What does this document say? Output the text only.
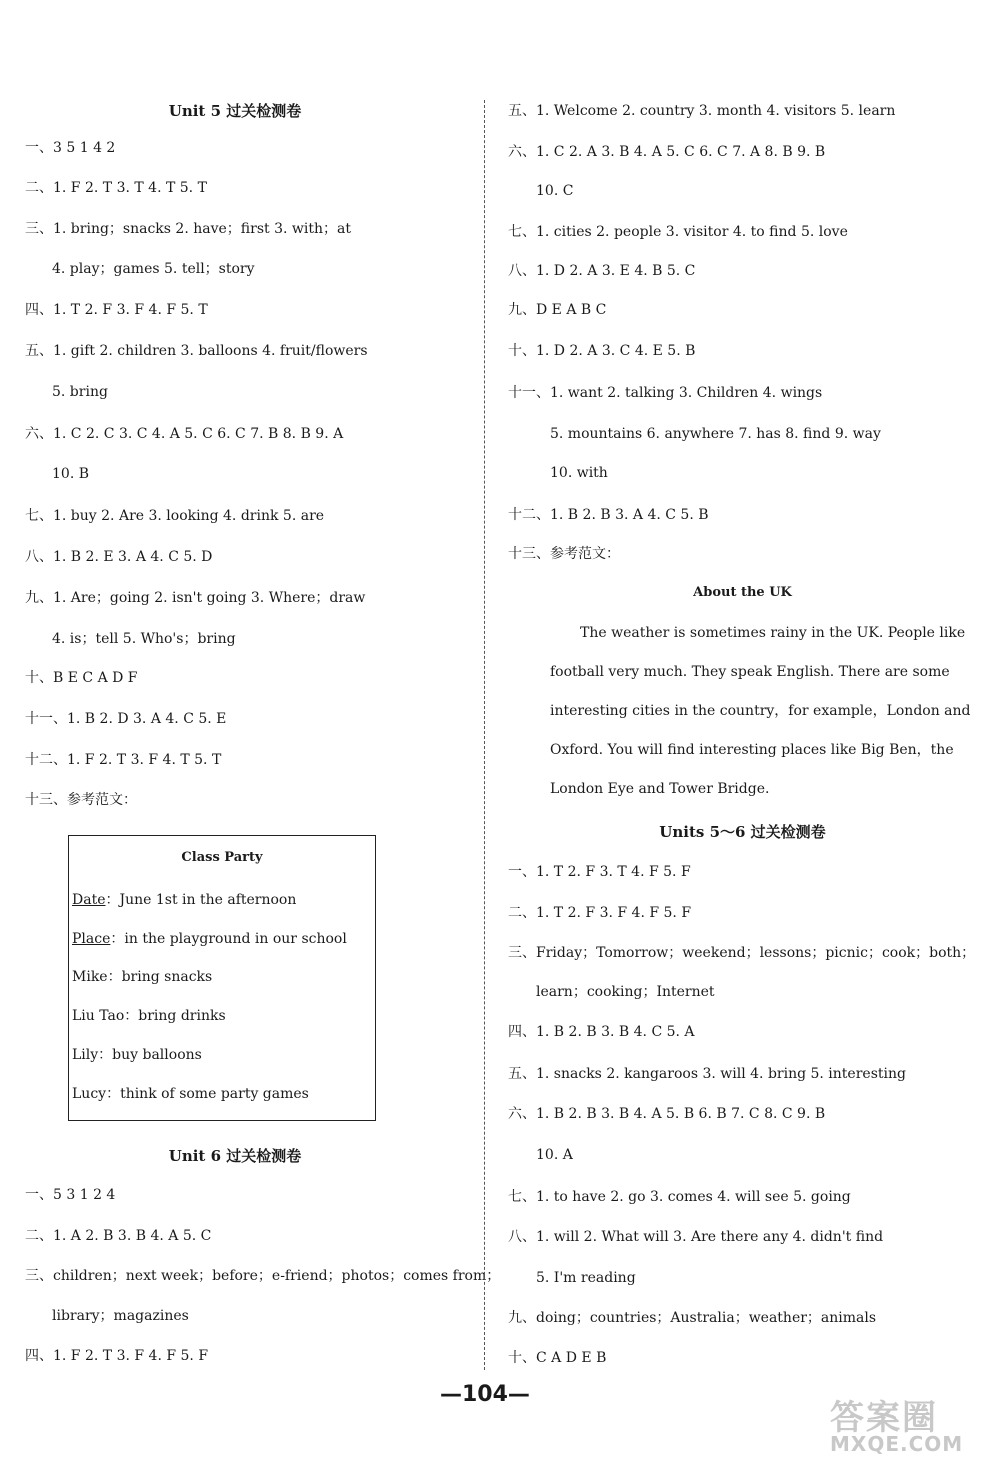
Unit 5 过关检测卷
一、3 5 1 4 2
二、1. F 2. T 3. T 4. T 5. T
三、1. bring；snacks 2. have；first 3. with；at
4. play；games 5. tell；story
四、1. T 2. F 3. F 4. F 5. T
五、1. gift 2. children 3. balloons 4. fruit/flowers
5. bring
六、1. C 2. C 3. C 4. A 5. C 6. C 7. B 8. B 9. A
10. B
七、1. buy 2. Are 3. looking 4. drink 5. are
八、1. B 2. E 3. A 4. C 5. D
九、1. Are；going 2. isn't going 3. Where；draw
4. is；tell 5. Who's；bring
十、B E C A D F
十一、1. B 2. D 3. A 4. C 5. E
十二、1. F 2. T 3. F 4. T 5. T
十三、参考范文：
Class Party
Date：June 1st in the afternoon
Place：in the playground in our school
Mike：bring snacks
Liu Tao：bring drinks
Lily：buy balloons
Lucy：think of some party games
Unit 6 过关检测卷
一、5 3 1 2 4
二、1. A 2. B 3. B 4. A 5. C
三、children；next week；before；e-friend；photos；comes from；
library；magazines
四、1. F 2. T 3. F 4. F 5. F
五、1. Welcome 2. country 3. month 4. visitors 5. learn
六、1. C 2. A 3. B 4. A 5. C 6. C 7. A 8. B 9. B
10. C
七、1. cities 2. people 3. visitor 4. to find 5. love
八、1. D 2. A 3. E 4. B 5. C
九、D E A B C
十、1. D 2. A 3. C 4. E 5. B
十一、1. want 2. talking 3. Children 4. wings
5. mountains 6. anywhere 7. has 8. find 9. way
10. with
十二、1. B 2. B 3. A 4. C 5. B
十三、参考范文：
About the UK
The weather is sometimes rainy in the UK. People like
football very much. They speak English. There are some
interesting cities in the country，for example，London and
Oxford. You will find interesting places like Big Ben，the
London Eye and Tower Bridge.
Units 5～6 过关检测卷
一、1. T 2. F 3. T 4. F 5. F
二、1. T 2. F 3. F 4. F 5. F
三、Friday；Tomorrow；weekend；lessons；picnic；cook；both；
learn；cooking；Internet
四、1. B 2. B 3. B 4. C 5. A
五、1. snacks 2. kangaroos 3. will 4. bring 5. interesting
六、1. B 2. B 3. B 4. A 5. B 6. B 7. C 8. C 9. B
10. A
七、1. to have 2. go 3. comes 4. will see 5. going
八、1. will 2. What will 3. Are there any 4. didn't find
5. I'm reading
九、doing；countries；Australia；weather；animals
十、C A D E B
—104—
答案圈
MXQE.COM
